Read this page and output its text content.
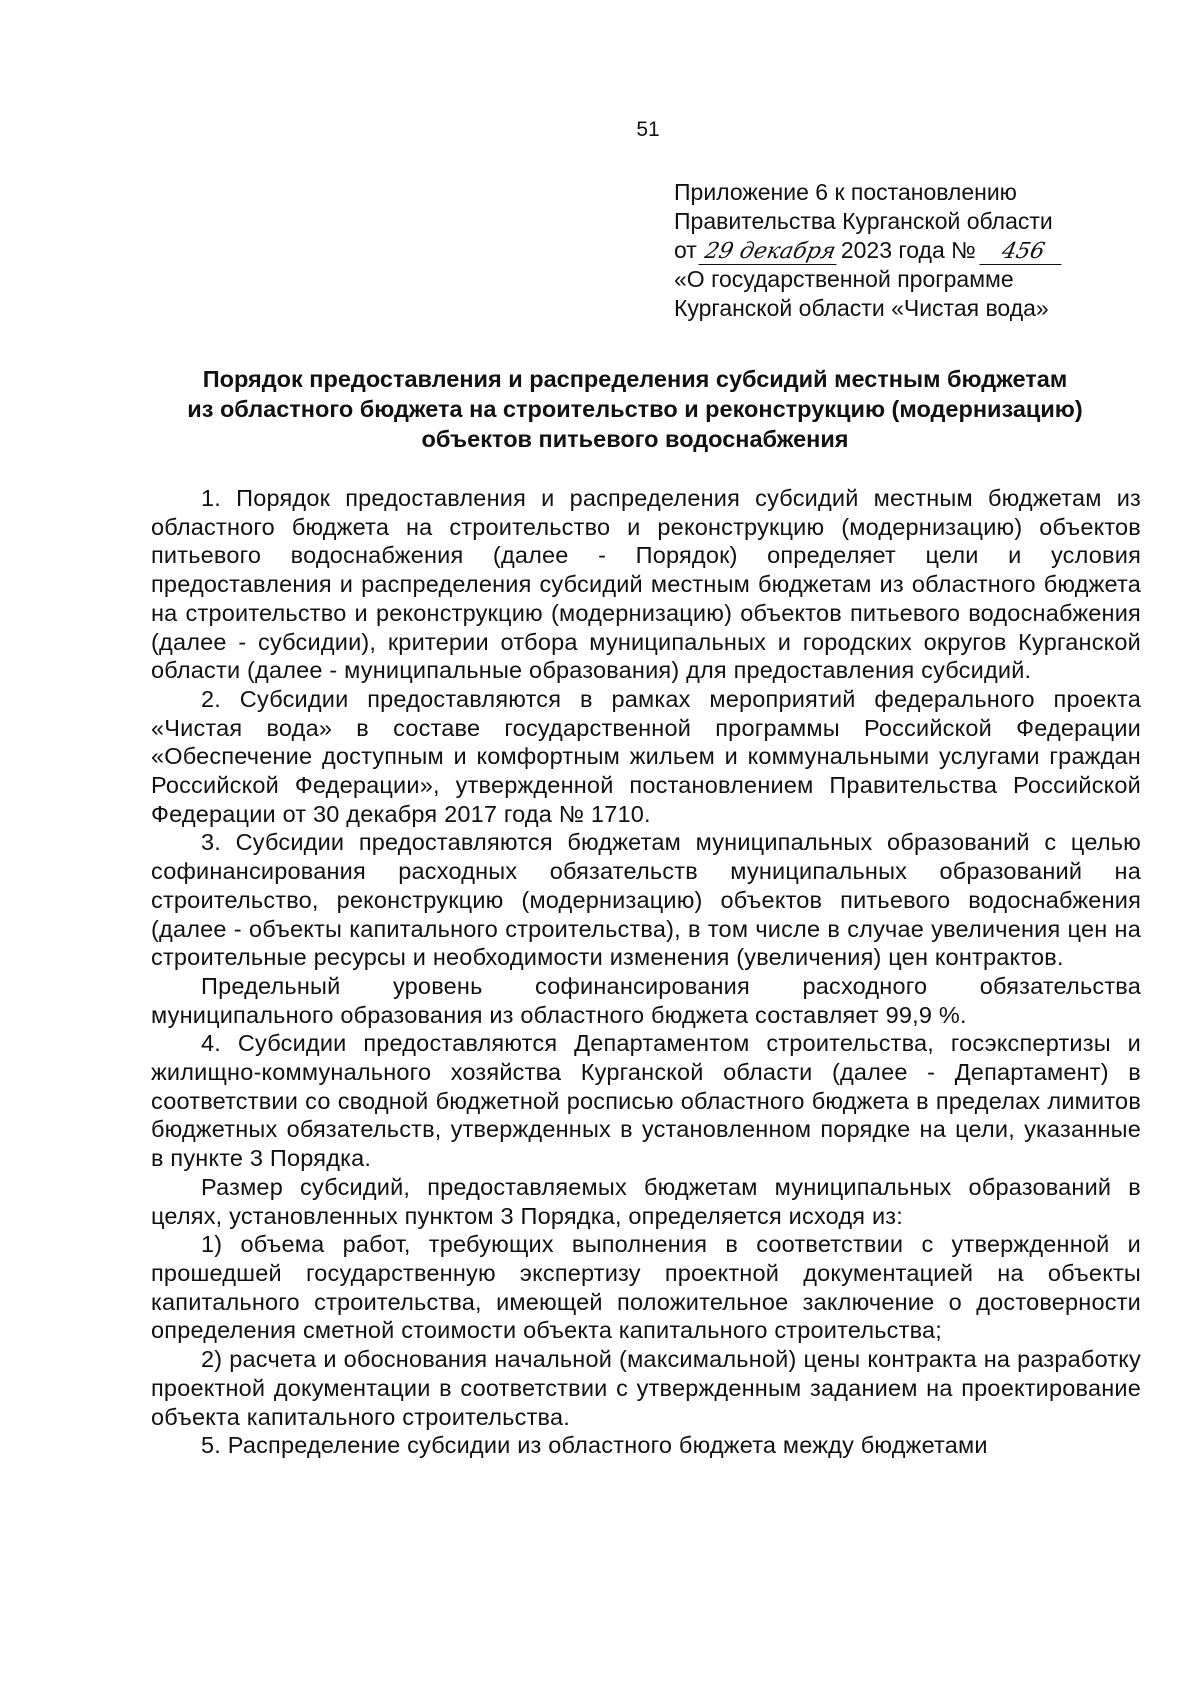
51
Приложение 6 к постановлению
Правительства Курганской области
от 29 декабря 2023 года № 456
«О государственной программе
Курганской области «Чистая вода»
Порядок предоставления и распределения субсидий местным бюджетам
из областного бюджета на строительство и реконструкцию (модернизацию)
объектов питьевого водоснабжения

1. Порядок предоставления и распределения субсидий местным бюджетам из областного бюджета на строительство и реконструкцию (модернизацию) объектов питьевого водоснабжения (далее - Порядок) определяет цели и условия предоставления и распределения субсидий местным бюджетам из областного бюджета на строительство и реконструкцию (модернизацию) объектов питьевого водоснабжения (далее - субсидии), критерии отбора муниципальных и городских округов Курганской области (далее - муниципальные образования) для предоставления субсидий.

2. Субсидии предоставляются в рамках мероприятий федерального проекта «Чистая вода» в составе государственной программы Российской Федерации «Обеспечение доступным и комфортным жильем и коммунальными услугами граждан Российской Федерации», утвержденной постановлением Правительства Российской Федерации от 30 декабря 2017 года № 1710.

3. Субсидии предоставляются бюджетам муниципальных образований с целью софинансирования расходных обязательств муниципальных образований на строительство, реконструкцию (модернизацию) объектов питьевого водоснабжения (далее - объекты капитального строительства), в том числе в случае увеличения цен на строительные ресурсы и необходимости изменения (увеличения) цен контрактов.

Предельный уровень софинансирования расходного обязательства муниципального образования из областного бюджета составляет 99,9 %.

4. Субсидии предоставляются Департаментом строительства, госэкспертизы и жилищно-коммунального хозяйства Курганской области (далее - Департамент) в соответствии со сводной бюджетной росписью областного бюджета в пределах лимитов бюджетных обязательств, утвержденных в установленном порядке на цели, указанные в пункте 3 Порядка.

Размер субсидий, предоставляемых бюджетам муниципальных образований в целях, установленных пунктом 3 Порядка, определяется исходя из:

1) объема работ, требующих выполнения в соответствии с утвержденной и прошедшей государственную экспертизу проектной документацией на объекты капитального строительства, имеющей положительное заключение о достоверности определения сметной стоимости объекта капитального строительства;

2) расчета и обоснования начальной (максимальной) цены контракта на разработку проектной документации в соответствии с утвержденным заданием на проектирование объекта капитального строительства.

5. Распределение субсидии из областного бюджета между бюджетами
